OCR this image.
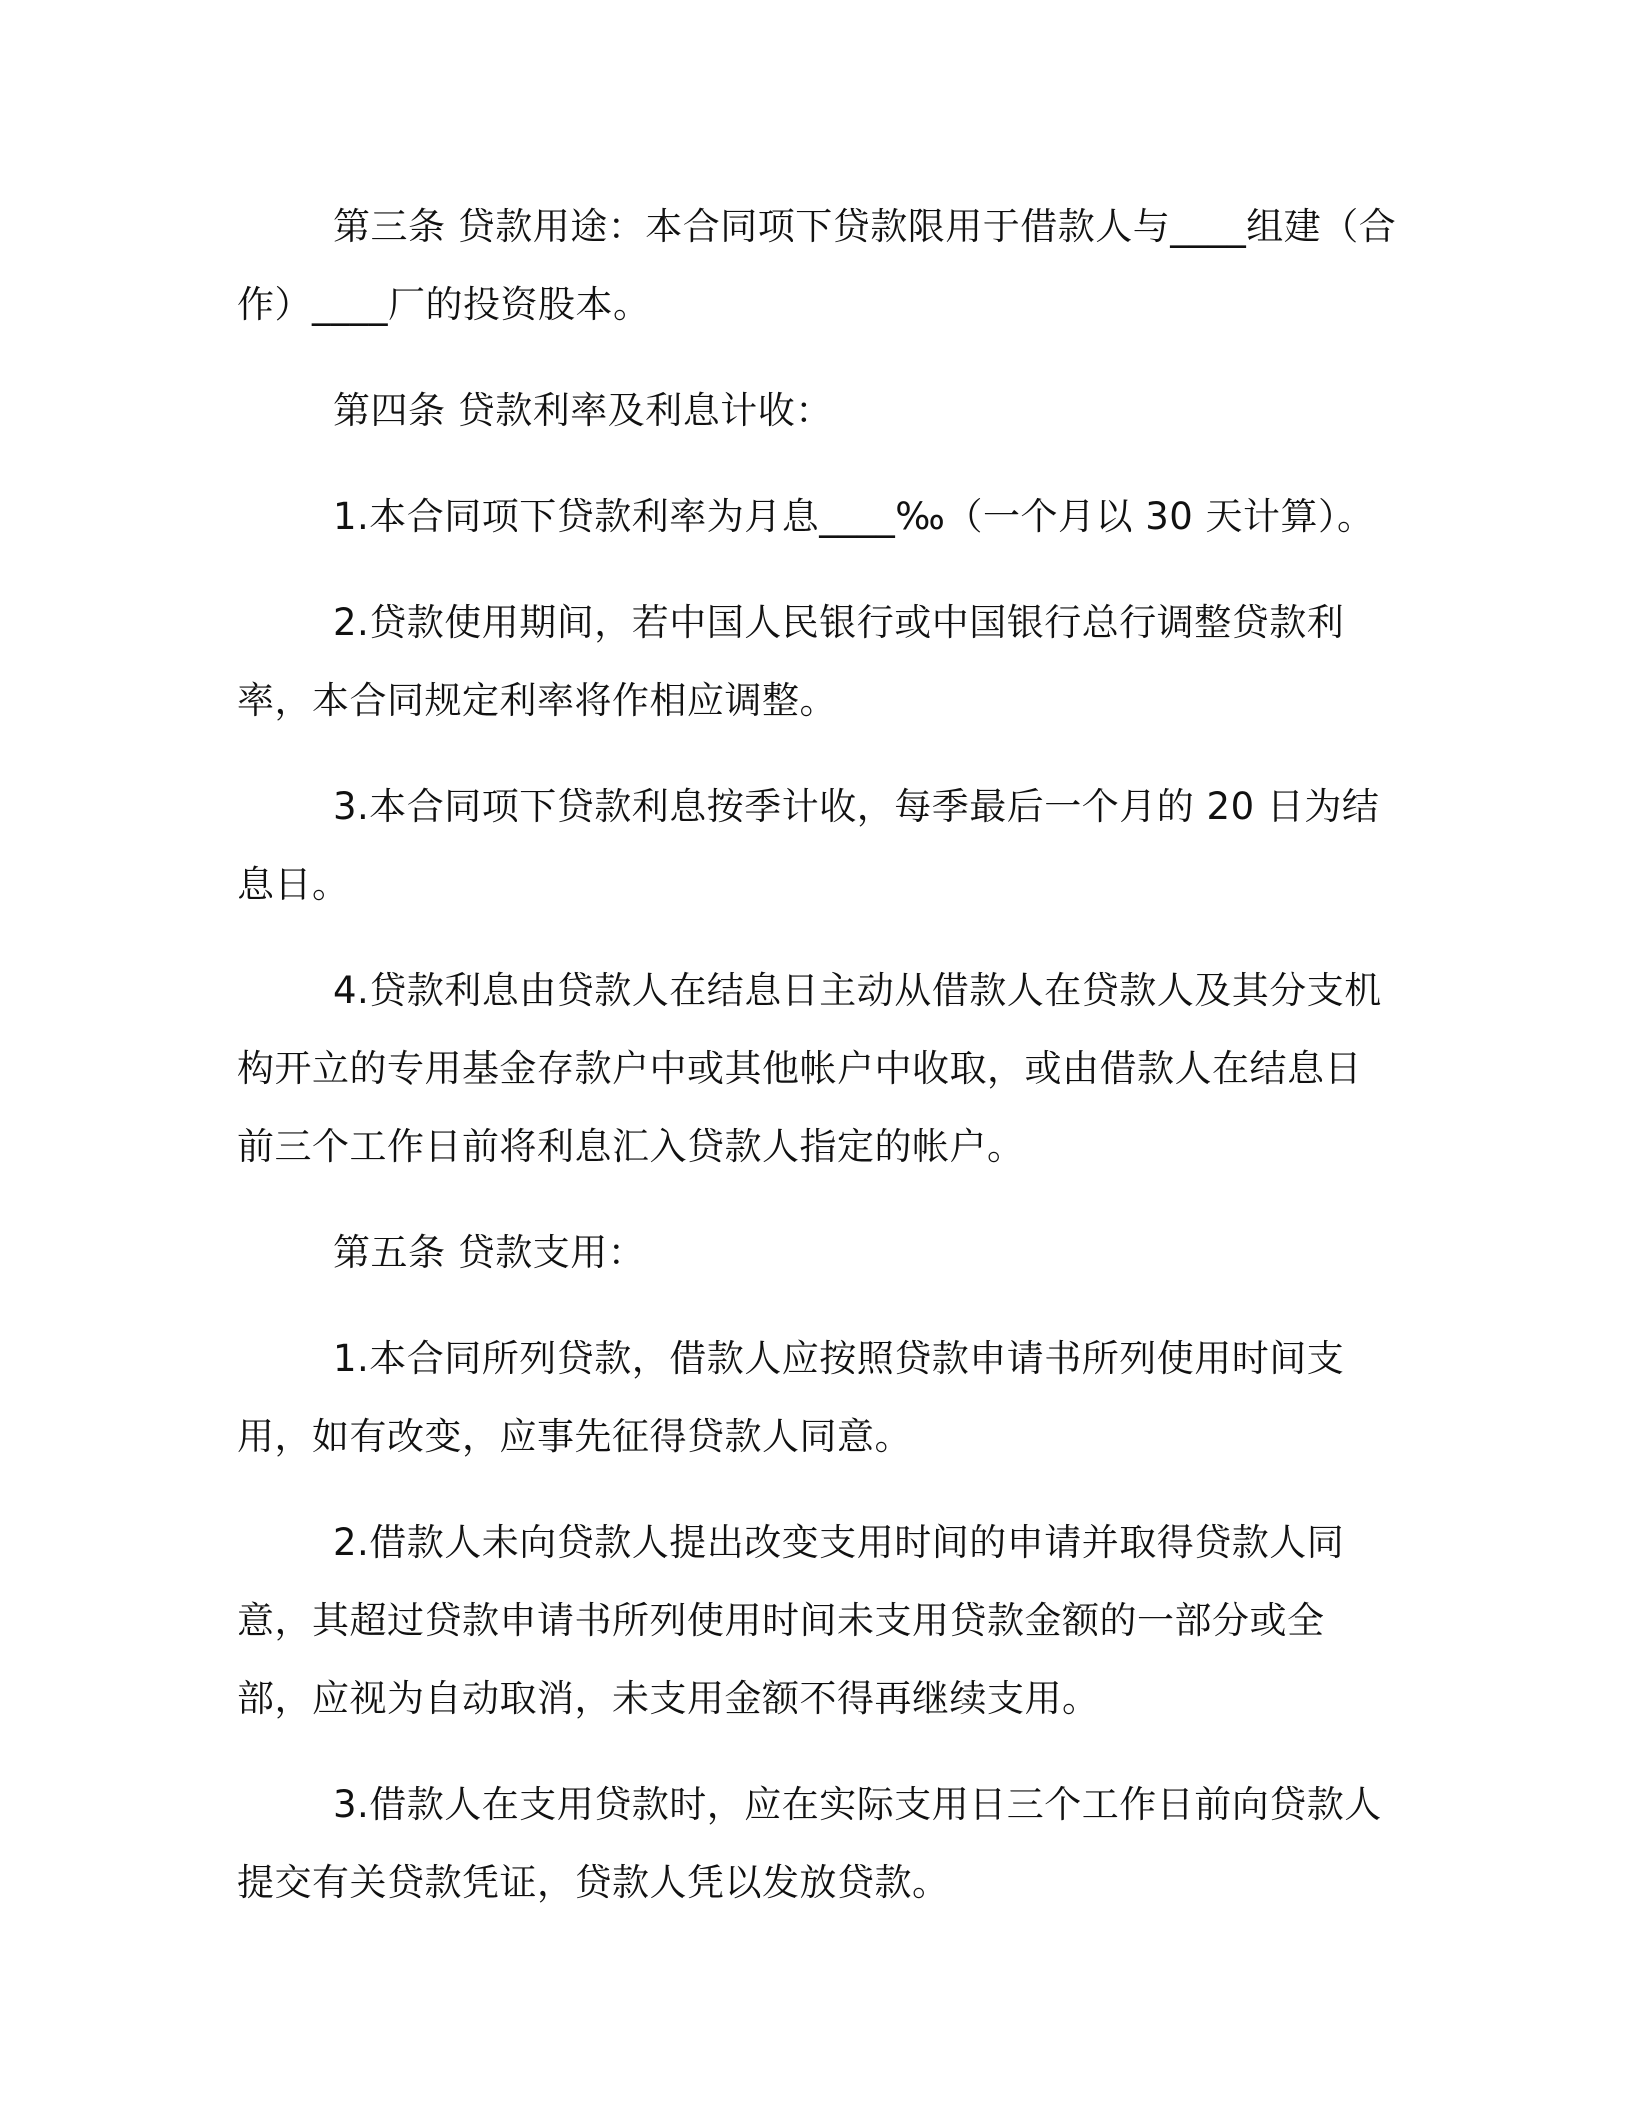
第三条 贷款用途：本合同项下贷款限用于借款人与____组建（合作）____厂的投资股本。

第四条 贷款利率及利息计收：

1.本合同项下贷款利率为月息____‰（一个月以 30 天计算）。

2.贷款使用期间，若中国人民银行或中国银行总行调整贷款利率，本合同规定利率将作相应调整。

3.本合同项下贷款利息按季计收，每季最后一个月的 20 日为结息日。

4.贷款利息由贷款人在结息日主动从借款人在贷款人及其分支机构开立的专用基金存款户中或其他帐户中收取，或由借款人在结息日前三个工作日前将利息汇入贷款人指定的帐户。

第五条 贷款支用：

1.本合同所列贷款，借款人应按照贷款申请书所列使用时间支用，如有改变，应事先征得贷款人同意。

2.借款人未向贷款人提出改变支用时间的申请并取得贷款人同意，其超过贷款申请书所列使用时间未支用贷款金额的一部分或全部，应视为自动取消，未支用金额不得再继续支用。

3.借款人在支用贷款时，应在实际支用日三个工作日前向贷款人提交有关贷款凭证，贷款人凭以发放贷款。
